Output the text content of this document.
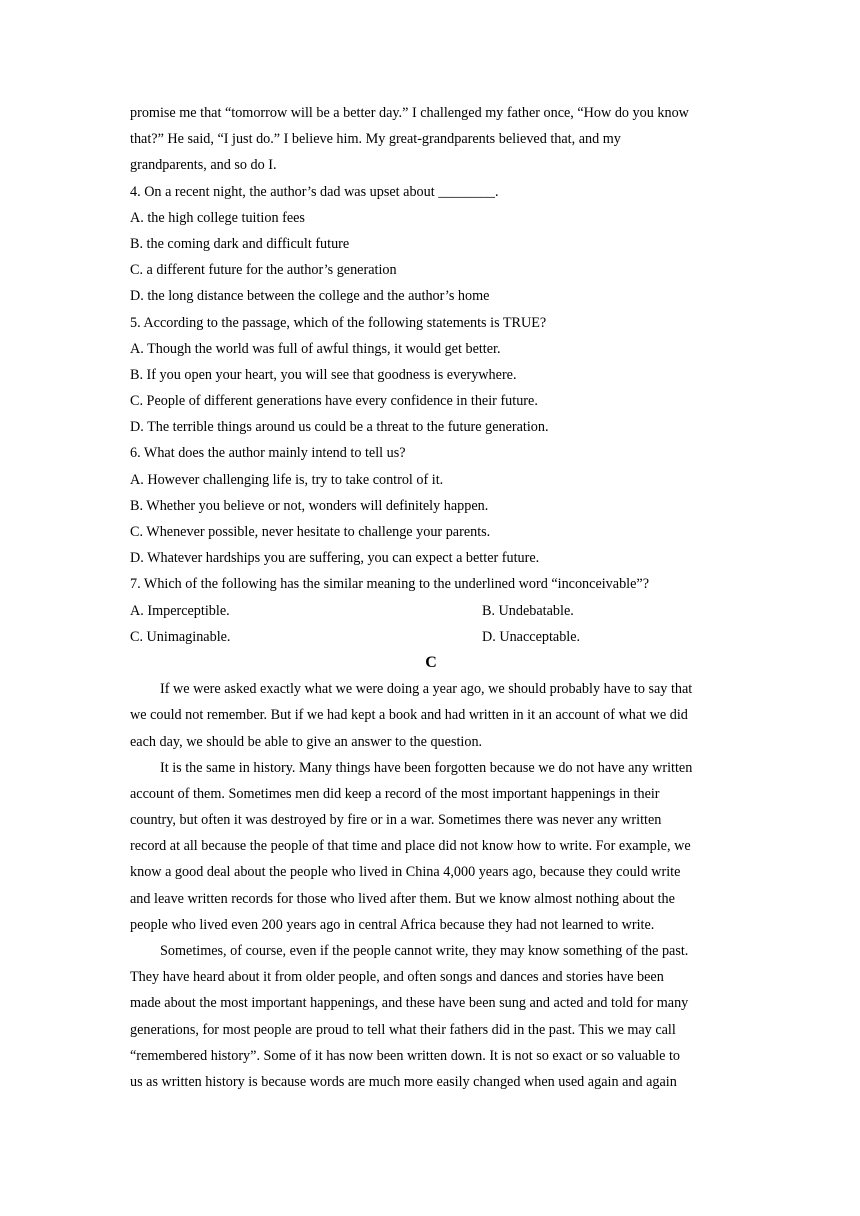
promise me that “tomorrow will be a better day.” I challenged my father once, “How do you know
that?” He said, “I just do.” I believe him. My great-grandparents believed that, and my
grandparents, and so do I.
4. On a recent night, the author’s dad was upset about ________.
A. the high college tuition fees
B. the coming dark and difficult future
C. a different future for the author’s generation
D. the long distance between the college and the author’s home
5. According to the passage, which of the following statements is TRUE?
A. Though the world was full of awful things, it would get better.
B. If you open your heart, you will see that goodness is everywhere.
C. People of different generations have every confidence in their future.
D. The terrible things around us could be a threat to the future generation.
6. What does the author mainly intend to tell us?
A. However challenging life is, try to take control of it.
B. Whether you believe or not, wonders will definitely happen.
C. Whenever possible, never hesitate to challenge your parents.
D. Whatever hardships you are suffering, you can expect a better future.
7. Which of the following has the similar meaning to the underlined word “inconceivable”?
A. Imperceptible.	B. Undebatable.
C. Unimaginable.	D. Unacceptable.
C
If we were asked exactly what we were doing a year ago, we should probably have to say that
we could not remember. But if we had kept a book and had written in it an account of what we did
each day, we should be able to give an answer to the question.
It is the same in history. Many things have been forgotten because we do not have any written
account of them. Sometimes men did keep a record of the most important happenings in their
country, but often it was destroyed by fire or in a war. Sometimes there was never any written
record at all because the people of that time and place did not know how to write. For example, we
know a good deal about the people who lived in China 4,000 years ago, because they could write
and leave written records for those who lived after them. But we know almost nothing about the
people who lived even 200 years ago in central Africa because they had not learned to write.
Sometimes, of course, even if the people cannot write, they may know something of the past.
They have heard about it from older people, and often songs and dances and stories have been
made about the most important happenings, and these have been sung and acted and told for many
generations, for most people are proud to tell what their fathers did in the past. This we may call
“remembered history”. Some of it has now been written down. It is not so exact or so valuable to
us as written history is because words are much more easily changed when used again and again
